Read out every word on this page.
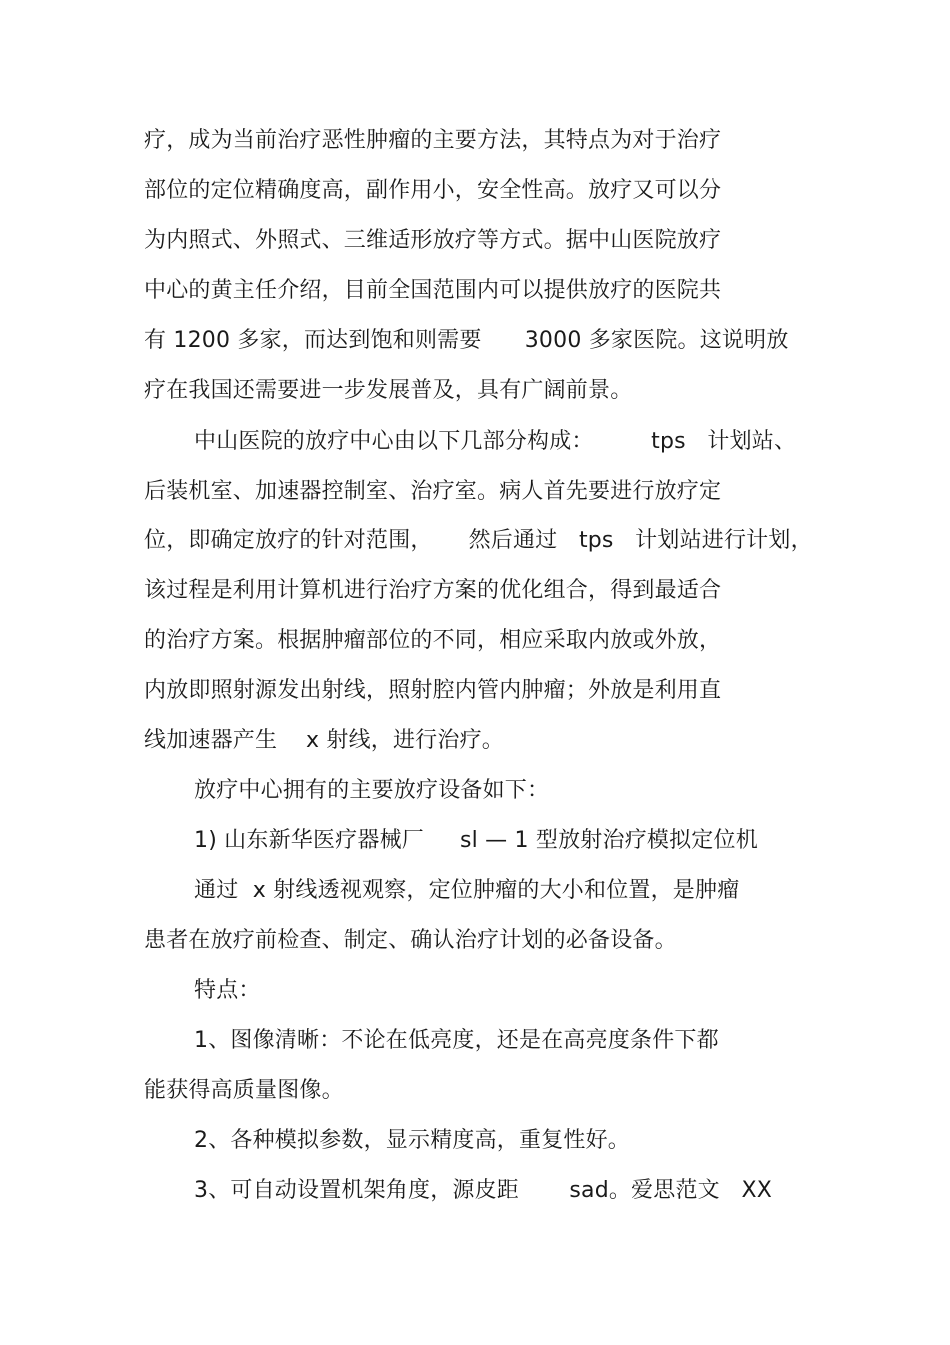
疗，成为当前治疗恶性肿瘤的主要方法，其特点为对于治疗
部位的定位精确度高，副作用小，安全性高。放疗又可以分
为内照式、外照式、三维适形放疗等方式。据中山医院放疗
中心的黄主任介绍，目前全国范围内可以提供放疗的医院共
有 1200 多家，而达到饱和则需要      3000 多家医院。这说明放
疗在我国还需要进一步发展普及，具有广阔前景。
中山医院的放疗中心由以下几部分构成：        tps   计划站、
后装机室、加速器控制室、治疗室。病人首先要进行放疗定
位，即确定放疗的针对范围，     然后通过   tps   计划站进行计划，
该过程是利用计算机进行治疗方案的优化组合，得到最适合
的治疗方案。根据肿瘤部位的不同，相应采取内放或外放，
内放即照射源发出射线，照射腔内管内肿瘤；外放是利用直
线加速器产生    x 射线，进行治疗。
放疗中心拥有的主要放疗设备如下：
1) 山东新华医疗器械厂     sl — 1 型放射治疗模拟定位机
通过  x 射线透视观察，定位肿瘤的大小和位置，是肿瘤
患者在放疗前检查、制定、确认治疗计划的必备设备。
特点：
1、图像清晰：不论在低亮度，还是在高亮度条件下都
能获得高质量图像。
2、各种模拟参数，显示精度高，重复性好。
3、可自动设置机架角度，源皮距       sad。爱思范文   XX
